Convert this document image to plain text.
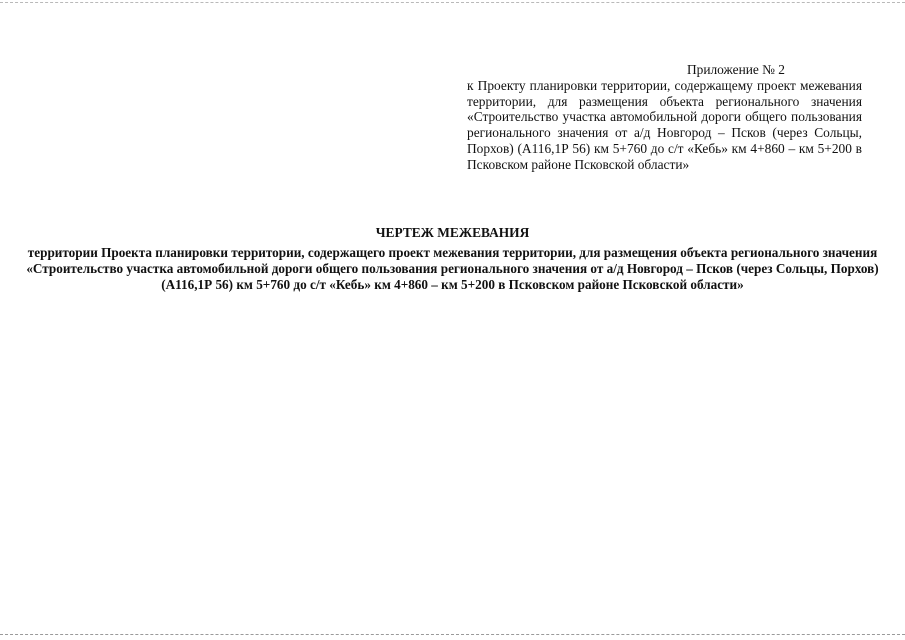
Приложение № 2
к Проекту планировки территории, содержащему проект межевания территории, для размещения объекта регионального значения «Строительство участка автомобильной дороги общего пользования регионального значения от а/д Новгород – Псков (через Сольцы, Порхов) (А116,1Р 56) км 5+760 до с/т «Кебь» км 4+860 – км 5+200 в Псковском районе Псковской области»
ЧЕРТЕЖ МЕЖЕВАНИЯ
территории Проекта планировки территории, содержащего проект межевания территории, для размещения объекта регионального значения «Строительство участка автомобильной дороги общего пользования регионального значения от а/д Новгород – Псков (через Сольцы, Порхов) (А116,1Р 56) км 5+760 до с/т «Кебь» км 4+860 – км 5+200 в Псковском районе Псковской области»
